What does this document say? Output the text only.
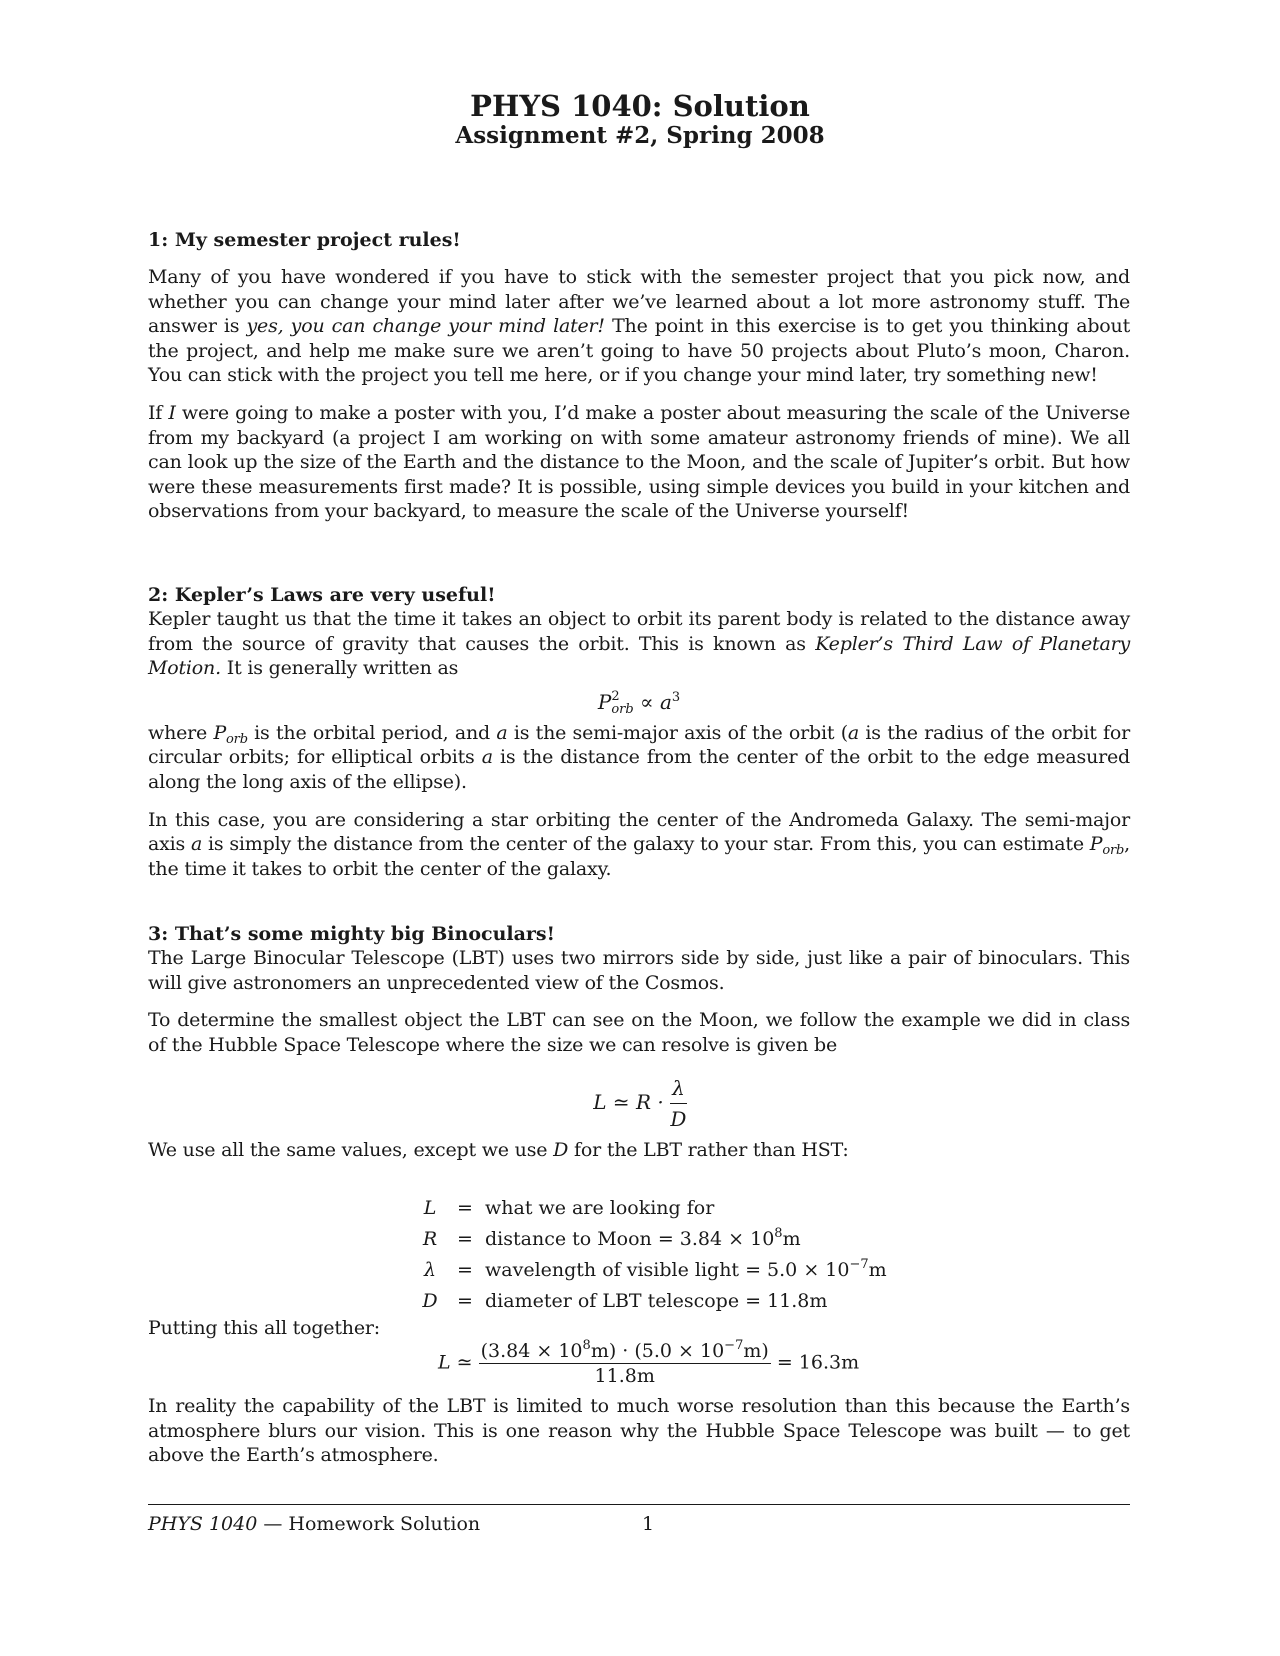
PHYS 1040: Solution
Assignment #2, Spring 2008

1: My semester project rules!

Many of you have wondered if you have to stick with the semester project that you pick now, and whether you can change your mind later after we’ve learned about a lot more astronomy stuff. The answer is yes, you can change your mind later! The point in this exercise is to get you thinking about the project, and help me make sure we aren’t going to have 50 projects about Pluto’s moon, Charon. You can stick with the project you tell me here, or if you change your mind later, try something new!

If I were going to make a poster with you, I’d make a poster about measuring the scale of the Universe from my backyard (a project I am working on with some amateur astronomy friends of mine). We all can look up the size of the Earth and the distance to the Moon, and the scale of Jupiter’s orbit. But how were these measurements first made? It is possible, using simple devices you build in your kitchen and observations from your backyard, to measure the scale of the Universe yourself!

2: Kepler’s Laws are very useful!

Kepler taught us that the time it takes an object to orbit its parent body is related to the distance away from the source of gravity that causes the orbit. This is known as Kepler’s Third Law of Planetary Motion. It is generally written as

P 2
orb ∝ $a^3$

where $P_{orb}$ is the orbital period, and a is the semi-major axis of the orbit (a is the radius of the orbit for circular orbits; for elliptical orbits a is the distance from the center of the orbit to the edge measured along the long axis of the ellipse).

In this case, you are considering a star orbiting the center of the Andromeda Galaxy. The semi-major axis a is simply the distance from the center of the galaxy to your star. From this, you can estimate $P_{orb}$, the time it takes to orbit the center of the galaxy.

3: That’s some mighty big Binoculars!

The Large Binocular Telescope (LBT) uses two mirrors side by side, just like a pair of binoculars. This will give astronomers an unprecedented view of the Cosmos.

To determine the smallest object the LBT can see on the Moon, we follow the example we did in class of the Hubble Space Telescope where the size we can resolve is given be

L ≃ $R \cdot \frac{\lambda}{D}$

We use all the same values, except we use D for the LBT rather than HST:

L	=	what we are looking for
R	=	distance to Moon = $3.84 \times 10^8m$
λ	=	wavelength of visible light = $5.0 \times 10^{-7}m$
D	=	diameter of LBT telescope = 11.8m

Putting this all together:

L ≃ $\frac{(3.84 \times 10^8m) \cdot (5.0 \times 10^{-7}m)}{11.8m} = 16.3m$

In reality the capability of the LBT is limited to much worse resolution than this because the Earth’s atmosphere blurs our vision. This is one reason why the Hubble Space Telescope was built — to get above the Earth’s atmosphere.

PHYS 1040 — Homework Solution	1
